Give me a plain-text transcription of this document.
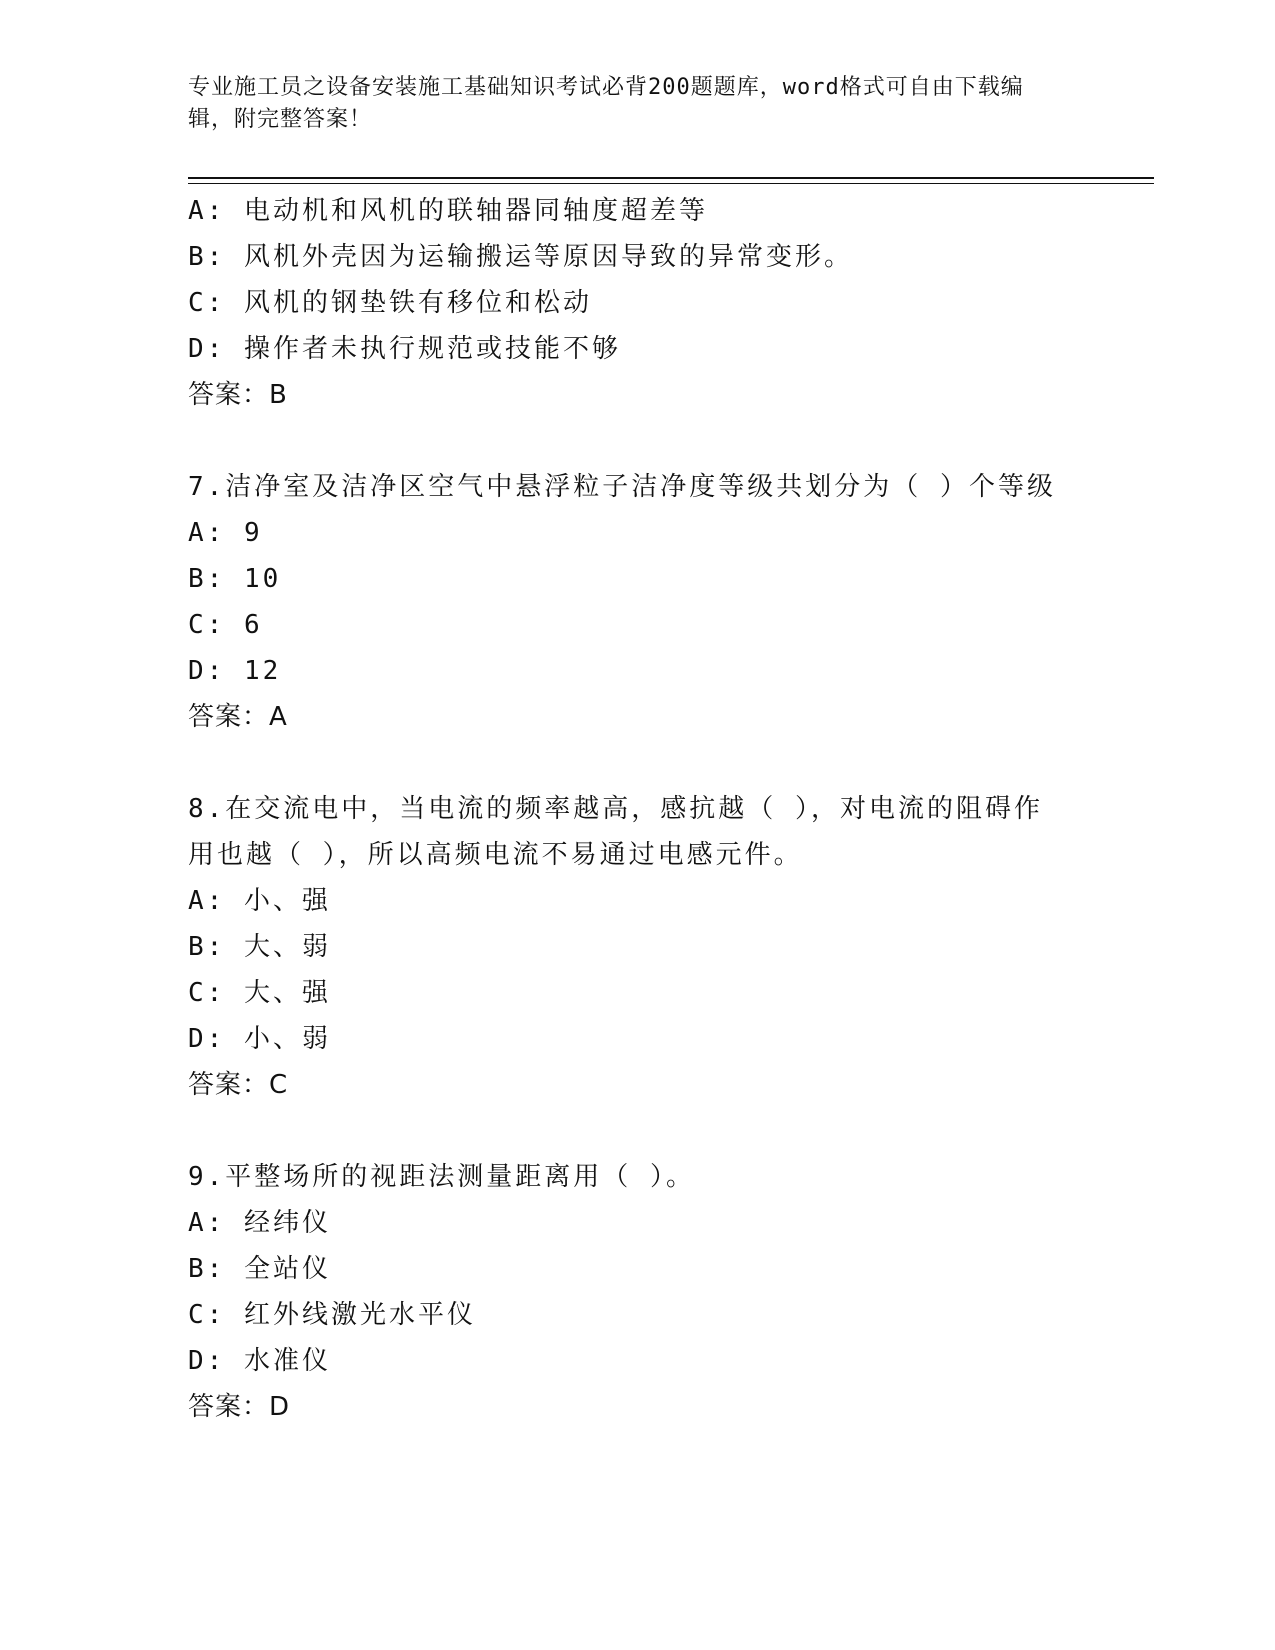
专业施工员之设备安装施工基础知识考试必背200题题库，word格式可自由下载编辑，附完整答案！
A: 电动机和风机的联轴器同轴度超差等
B: 风机外壳因为运输搬运等原因导致的异常变形。
C: 风机的钢垫铁有移位和松动
D: 操作者未执行规范或技能不够
答案：B
7.洁净室及洁净区空气中悬浮粒子洁净度等级共划分为（ ）个等级
A: 9
B: 10
C: 6
D: 12
答案：A
8.在交流电中，当电流的频率越高，感抗越（ ），对电流的阻碍作用也越（ ），所以高频电流不易通过电感元件。
A: 小、强
B: 大、弱
C: 大、强
D: 小、弱
答案：C
9.平整场所的视距法测量距离用（ ）。
A: 经纬仪
B: 全站仪
C: 红外线激光水平仪
D: 水准仪
答案：D
